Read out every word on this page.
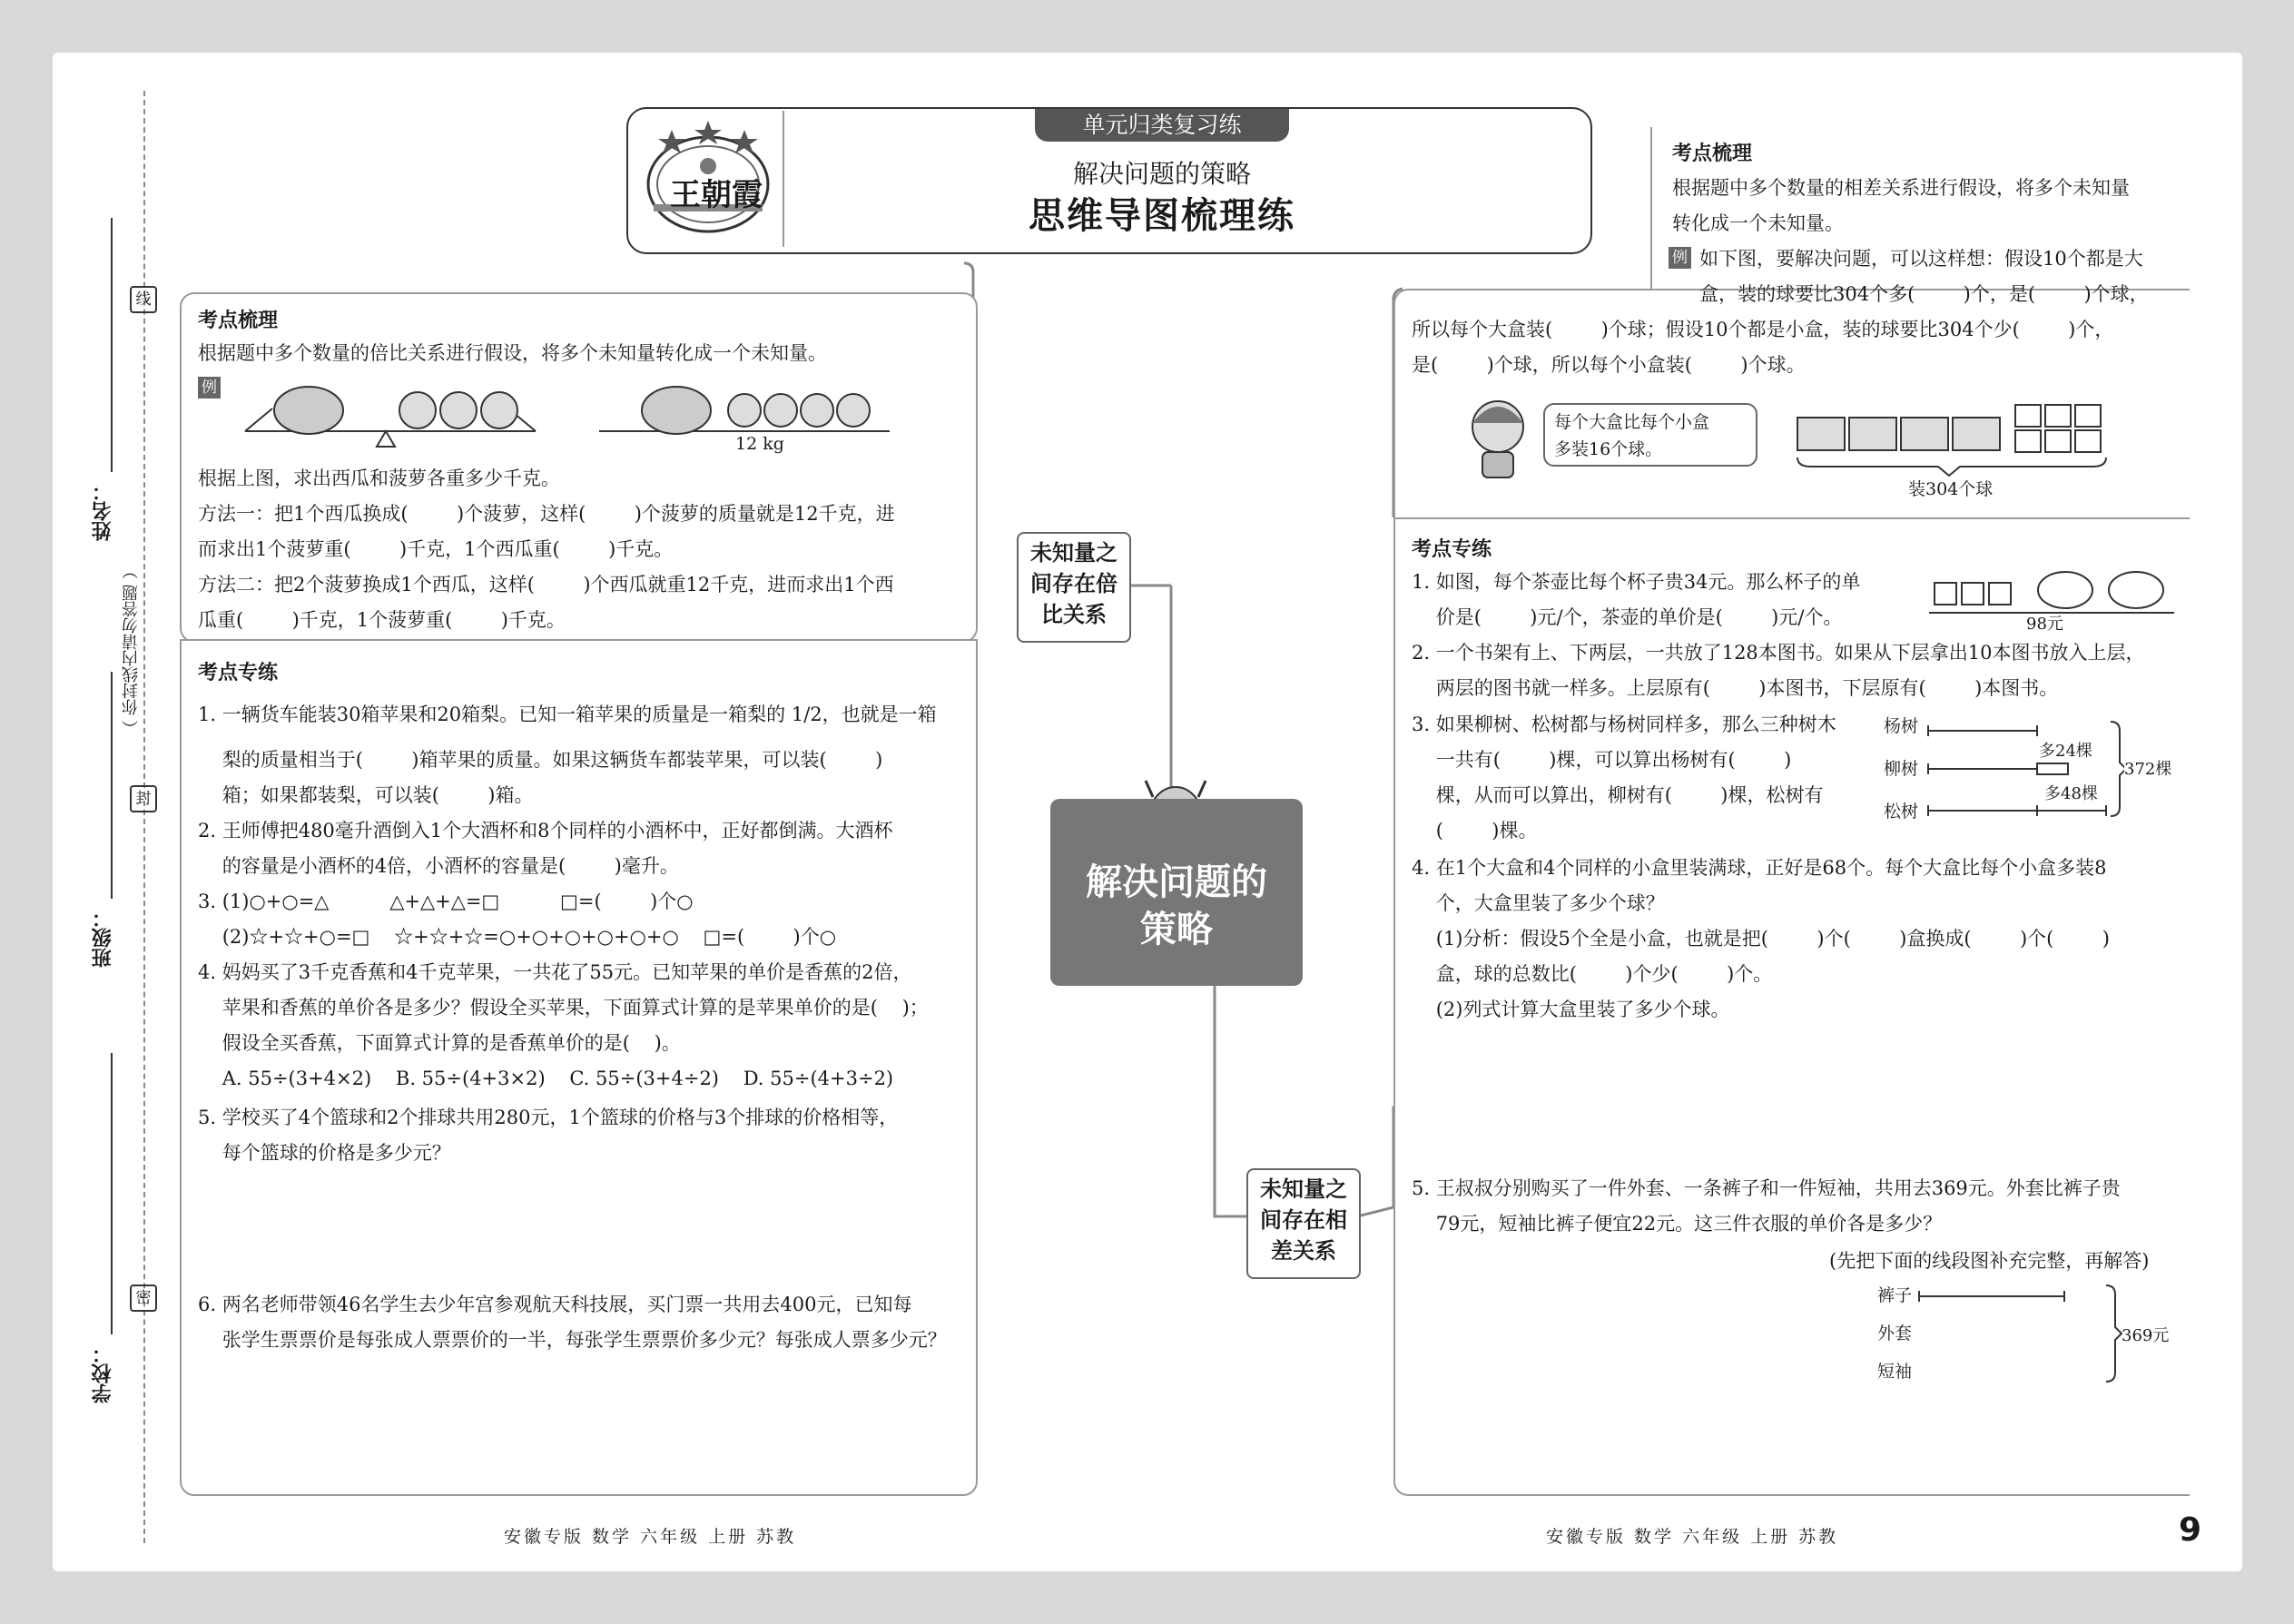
姓名：
班级：
学校：
线
封
密
（ 你封线内请勿答题 ）
王朝霞
单元归类复习练
解决问题的策略
思维导图梳理练
考点梳理
根据题中多个数量的倍比关系进行假设，将多个未知量转化成一个未知量。
例
12 kg
根据上图，求出西瓜和菠萝各重多少千克。
方法一：把1个西瓜换成(        )个菠萝，这样(        )个菠萝的质量就是12千克，进
而求出1个菠萝重(        )千克，1个西瓜重(        )千克。
方法二：把2个菠萝换成1个西瓜，这样(        )个西瓜就重12千克，进而求出1个西
瓜重(        )千克，1个菠萝重(        )千克。
考点专练
1. 一辆货车能装30箱苹果和20箱梨。已知一箱苹果的质量是一箱梨的 1/2，也就是一箱
梨的质量相当于(        )箱苹果的质量。如果这辆货车都装苹果，可以装(        )
箱；如果都装梨，可以装(        )箱。
2. 王师傅把480毫升酒倒入1个大酒杯和8个同样的小酒杯中，正好都倒满。大酒杯
的容量是小酒杯的4倍，小酒杯的容量是(        )毫升。
3. (1)○+○=△          △+△+△=□          □=(        )个○
(2)☆+☆+○=□    ☆+☆+☆=○+○+○+○+○+○    □=(        )个○
4. 妈妈买了3千克香蕉和4千克苹果，一共花了55元。已知苹果的单价是香蕉的2倍，
苹果和香蕉的单价各是多少？假设全买苹果，下面算式计算的是苹果单价的是(    )；
假设全买香蕉，下面算式计算的是香蕉单价的是(    )。
A. 55÷(3+4×2)    B. 55÷(4+3×2)    C. 55÷(3+4÷2)    D. 55÷(4+3÷2)
5. 学校买了4个篮球和2个排球共用280元，1个篮球的价格与3个排球的价格相等，
每个篮球的价格是多少元？
6. 两名老师带领46名学生去少年宫参观航天科技展，买门票一共用去400元，已知每
张学生票票价是每张成人票票价的一半，每张学生票票价多少元？每张成人票多少元？
未知量之间存在倍比关系
未知量之间存在相差关系
解决问题的策略
考点梳理
根据题中多个数量的相差关系进行假设，将多个未知量
转化成一个未知量。
例 如下图，要解决问题，可以这样想：假设10个都是大
盒，装的球要比304个多(        )个，是(        )个球，
所以每个大盒装(        )个球；假设10个都是小盒，装的球要比304个少(        )个，
是(        )个球，所以每个小盒装(        )个球。
每个大盒比每个小盒
多装16个球。
装304个球
考点专练
1. 如图，每个茶壶比每个杯子贵34元。那么杯子的单
价是(        )元/个，茶壶的单价是(        )元/个。	98元
2. 一个书架有上、下两层，一共放了128本图书。如果从下层拿出10本图书放入上层，
两层的图书就一样多。上层原有(        )本图书，下层原有(        )本图书。
3. 如果柳树、松树都与杨树同样多，那么三种树木
一共有(        )棵，可以算出杨树有(        )
棵，从而可以算出，柳树有(        )棵，松树有
(        )棵。
杨树
柳树
松树
多24棵
多48棵
372棵
4. 在1个大盒和4个同样的小盒里装满球，正好是68个。每个大盒比每个小盒多装8
个，大盒里装了多少个球？
(1)分析：假设5个全是小盒，也就是把(        )个(        )盒换成(        )个(        )
盒，球的总数比(        )个少(        )个。
(2)列式计算大盒里装了多少个球。
5. 王叔叔分别购买了一件外套、一条裤子和一件短袖，共用去369元。外套比裤子贵
79元，短袖比裤子便宜22元。这三件衣服的单价各是多少？
(先把下面的线段图补充完整，再解答)
裤子
外套
短袖
369元
安徽专版 数学 六年级 上册 苏教	安徽专版 数学 六年级 上册 苏教	9
